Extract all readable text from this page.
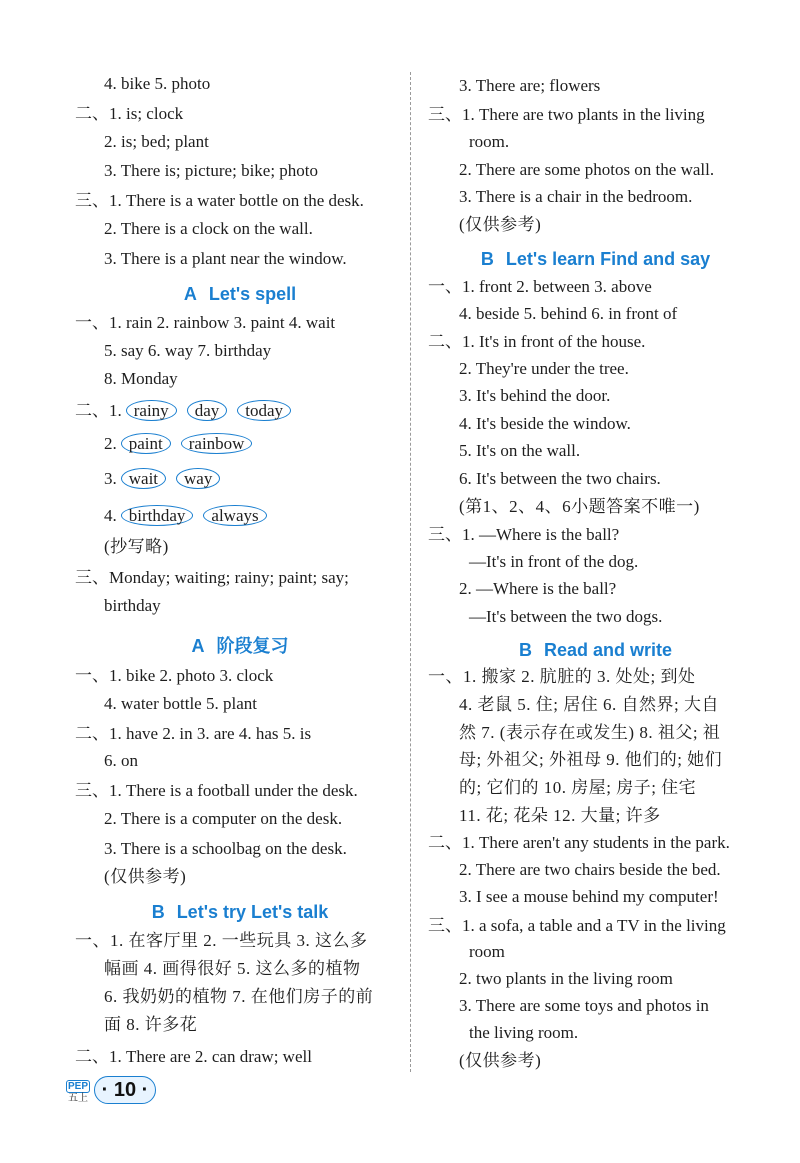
4. bike 5. photo
二、1. is; clock
2. is; bed; plant
3. There is; picture; bike; photo
三、1. There is a water bottle on the desk.
2. There is a clock on the wall.
3. There is a plant near the window.
一、1. rain 2. rainbow 3. paint 4. wait
5. say 6. way 7. birthday
8. Monday
(抄写略)
三、Monday; waiting; rainy; paint; say;
birthday
一、1. bike 2. photo 3. clock
4. water bottle 5. plant
二、1. have 2. in 3. are 4. has 5. is
6. on
三、1. There is a football under the desk.
2. There is a computer on the desk.
3. There is a schoolbag on the desk.
(仅供参考)
一、1. 在客厅里 2. 一些玩具 3. 这么多
幅画 4. 画得很好 5. 这么多的植物
6. 我奶奶的植物 7. 在他们房子的前
面 8. 许多花
二、1. There are 2. can draw; well
A Let's spell
A 阶段复习
B Let's try Let's talk
二、1. rainy day today
2. paint rainbow
3. wait way
4. birthday always
3. There are; flowers
三、1. There are two plants in the living
room.
2. There are some photos on the wall.
3. There is a chair in the bedroom.
(仅供参考)
一、1. front 2. between 3. above
4. beside 5. behind 6. in front of
二、1. It's in front of the house.
2. They're under the tree.
3. It's behind the door.
4. It's beside the window.
5. It's on the wall.
6. It's between the two chairs.
(第1、2、4、6小题答案不唯一)
三、1. —Where is the ball?
—It's in front of the dog.
2. —Where is the ball?
—It's between the two dogs.
一、1. 搬家 2. 肮脏的 3. 处处; 到处
4. 老鼠 5. 住; 居住 6. 自然界; 大自
然 7. (表示存在或发生) 8. 祖父; 祖
母; 外祖父; 外祖母 9. 他们的; 她们
的; 它们的 10. 房屋; 房子; 住宅
11. 花; 花朵 12. 大量; 许多
二、1. There aren't any students in the park.
2. There are two chairs beside the bed.
3. I see a mouse behind my computer!
三、1. a sofa, a table and a TV in the living
room
2. two plants in the living room
3. There are some toys and photos in
the living room.
(仅供参考)
B Let's learn Find and say
B Read and write
PEP
五上 · 10 ·
